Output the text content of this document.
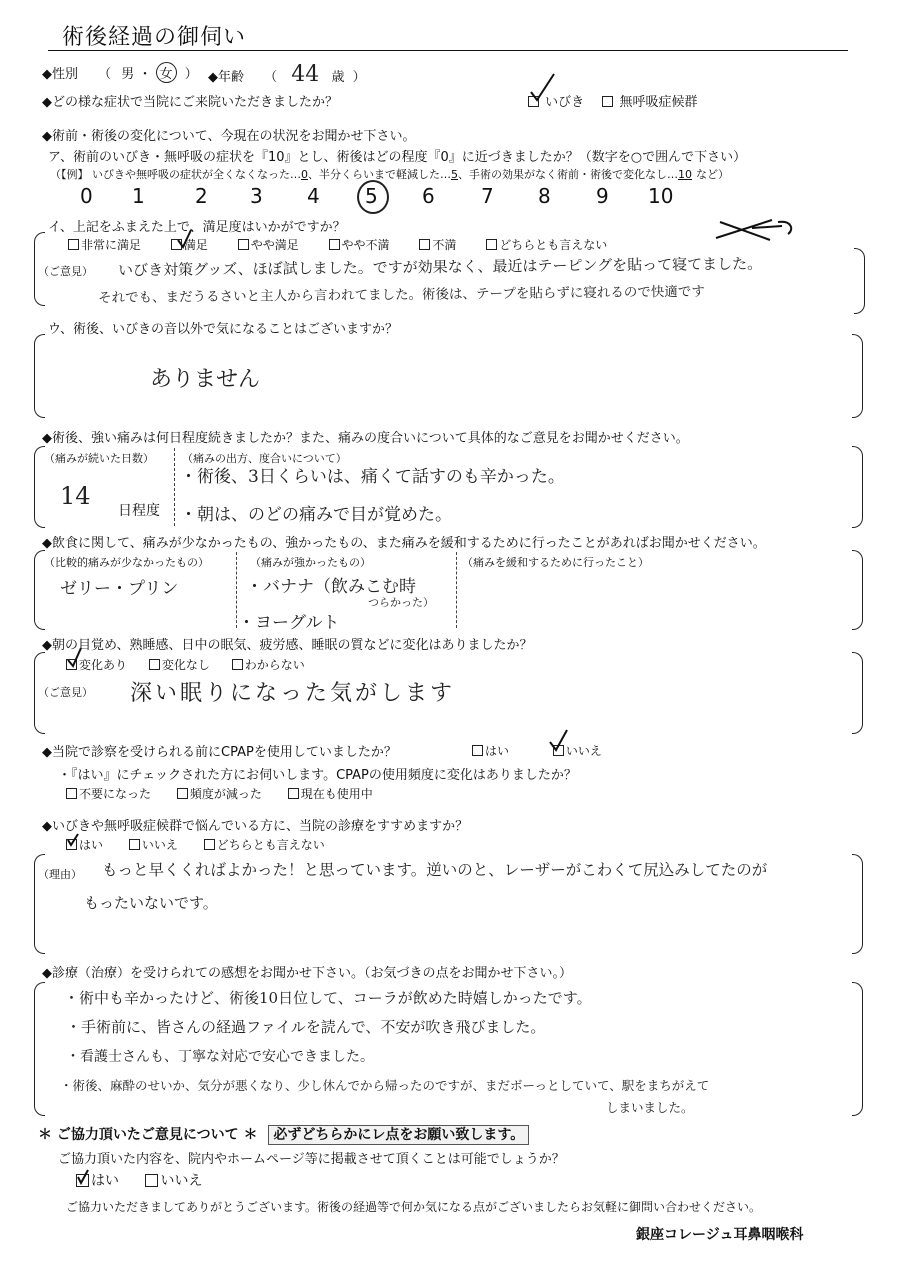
術後経過の御伺い
◆性別 （ 男 ・ 女 ） ◆年齢 （ 44 歳 ）
◆どの様な症状で当院にご来院いただきましたか？	いびき	無呼吸症候群
◆術前・術後の変化について、今現在の状況をお聞かせ下さい。
ア、術前のいびき・無呼吸の症状を『10』とし、術後はどの程度『0』に近づきましたか？（数字を○で囲んで下さい）
（【例】 いびきや無呼吸の症状が全くなくなった…0、半分くらいまで軽減した…5、手術の効果がなく術前・術後で変化なし…10 など）
0 1	2 3 4 5 6 7 8 9 10
イ、上記をふまえた上で、満足度はいかがですか？
非常に満足	満足	やや満足	やや不満	不満	どちらとも言えない
（ご意見） いびき対策グッズ、ほぼ試しました。ですが効果なく、最近はテーピングを貼って寝てました。
それでも、まだうるさいと主人から言われてました。術後は、テープを貼らずに寝れるので快適です
ウ、術後、いびきの音以外で気になることはございますか？
ありません
◆術後、強い痛みは何日程度続きましたか？また、痛みの度合いについて具体的なご意見をお聞かせください。
（痛みが続いた日数）
14
日程度
（痛みの出方、度合いについて）
・術後、3日くらいは、痛くて話すのも辛かった。
・朝は、のどの痛みで目が覚めた。
◆飲食に関して、痛みが少なかったもの、強かったもの、また痛みを緩和するために行ったことがあればお聞かせください。
（比較的痛みが少なかったもの）
ゼリー・プリン
（痛みが強かったもの）
・バナナ（飲みこむ時
つらかった）
・ヨーグルト
（痛みを緩和するために行ったこと）
◆朝の目覚め、熟睡感、日中の眠気、疲労感、睡眠の質などに変化はありましたか？
変化あり	変化なし	わからない
（ご意見） 深い眠りになった気がします
◆当院で診察を受けられる前にCPAPを使用していましたか？	はい	いいえ
・『はい』にチェックされた方にお伺いします。CPAPの使用頻度に変化はありましたか？
不要になった	頻度が減った	現在も使用中
◆いびきや無呼吸症候群で悩んでいる方に、当院の診療をすすめますか？
はい	いいえ	どちらとも言えない
（理由） もっと早くくればよかった！と思っています。逆いのと、レーザーがこわくて尻込みしてたのが
もったいないです。
◆診療（治療）を受けられての感想をお聞かせ下さい。（お気づきの点をお聞かせ下さい。）
・術中も辛かったけど、術後10日位して、コーラが飲めた時嬉しかったです。
・手術前に、皆さんの経過ファイルを読んで、不安が吹き飛びました。
・看護士さんも、丁寧な対応で安心できました。
・術後、麻酔のせいか、気分が悪くなり、少し休んでから帰ったのですが、まだボーっとしていて、駅をまちがえて
しまいました。
＊ ご協力頂いたご意見について ＊ 必ずどちらかにレ点をお願い致します。
ご協力頂いた内容を、院内やホームページ等に掲載させて頂くことは可能でしょうか？
はい	いいえ
ご協力いただきましてありがとうございます。術後の経過等で何か気になる点がございましたらお気軽に御問い合わせください。
銀座コレージュ耳鼻咽喉科
